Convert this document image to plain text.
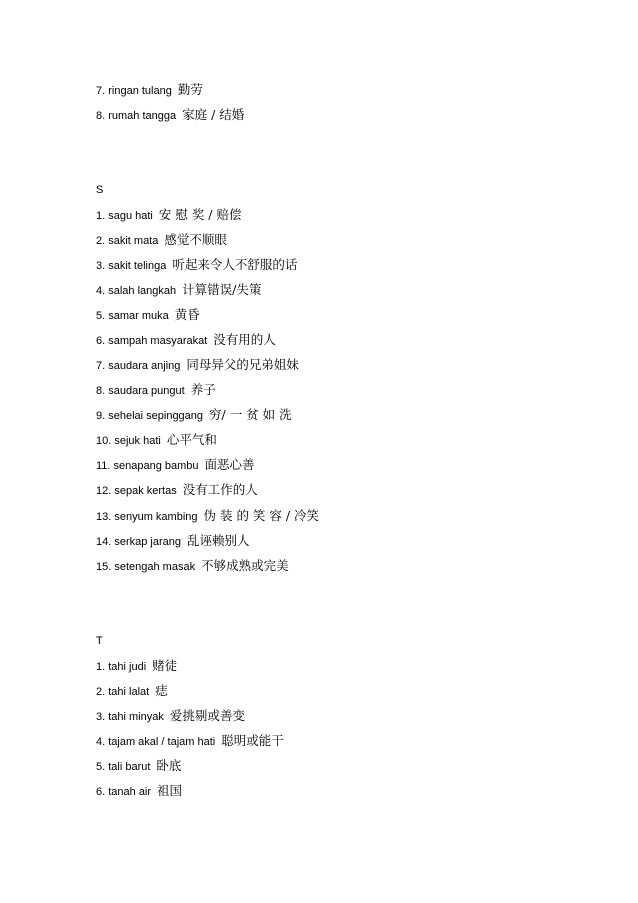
7. ringan tulang 勤劳
8. rumah tangga 家庭 / 结婚
S
1. sagu hati 安 慰 奖 / 赔偿
2. sakit mata 感觉不顺眼
3. sakit telinga 听起来令人不舒服的话
4. salah langkah 计算错误/失策
5. samar muka 黄昏
6. sampah masyarakat 没有用的人
7. saudara anjing 同母异父的兄弟姐妹
8. saudara pungut 养子
9. sehelai sepinggang 穷/ 一 贫 如 洗
10. sejuk hati 心平气和
11. senapang bambu 面恶心善
12. sepak kertas 没有工作的人
13. senyum kambing 伪 装 的 笑 容 / 冷笑
14. serkap jarang 乱诬赖别人
15. setengah masak 不够成熟或完美
T
1. tahi judi 赌徒
2. tahi lalat 痣
3. tahi minyak 爱挑剔或善变
4. tajam akal / tajam hati 聪明或能干
5. tali barut 卧底
6. tanah air 祖国
